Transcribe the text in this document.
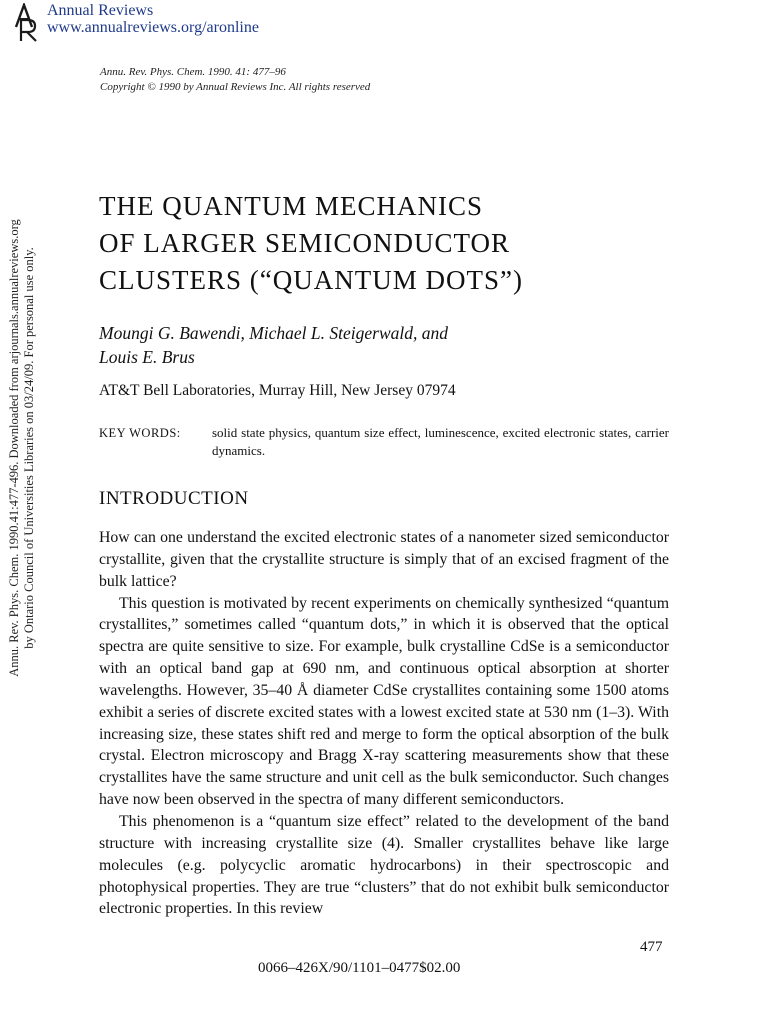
Annual Reviews
www.annualreviews.org/aronline
Annu. Rev. Phys. Chem. 1990. 41: 477–96
Copyright © 1990 by Annual Reviews Inc. All rights reserved
Annu. Rev. Phys. Chem. 1990.41:477-496. Downloaded from arjournals.annualreviews.org by Ontario Council of Universities Libraries on 03/24/09. For personal use only.
THE QUANTUM MECHANICS
OF LARGER SEMICONDUCTOR
CLUSTERS (“QUANTUM DOTS”)
Moungi G. Bawendi, Michael L. Steigerwald, and
Louis E. Brus
AT&T Bell Laboratories, Murray Hill, New Jersey 07974
KEY WORDS: solid state physics, quantum size effect, luminescence, excited electronic states, carrier dynamics.
INTRODUCTION

How can one understand the excited electronic states of a nanometer sized semiconductor crystallite, given that the crystallite structure is simply that of an excised fragment of the bulk lattice?

This question is motivated by recent experiments on chemically synthesized “quantum crystallites,” sometimes called “quantum dots,” in which it is observed that the optical spectra are quite sensitive to size. For example, bulk crystalline CdSe is a semiconductor with an optical band gap at 690 nm, and continuous optical absorption at shorter wavelengths. However, 35–40 Å diameter CdSe crystallites containing some 1500 atoms exhibit a series of discrete excited states with a lowest excited state at 530 nm (1–3). With increasing size, these states shift red and merge to form the optical absorption of the bulk crystal. Electron microscopy and Bragg X-ray scattering measurements show that these crystallites have the same structure and unit cell as the bulk semiconductor. Such changes have now been observed in the spectra of many different semiconductors.

This phenomenon is a “quantum size effect” related to the development of the band structure with increasing crystallite size (4). Smaller crystallites behave like large molecules (e.g. polycyclic aromatic hydrocarbons) in their spectroscopic and photophysical properties. They are true “clusters” that do not exhibit bulk semiconductor electronic properties. In this review

477
0066–426X/90/1101–0477$02.00
